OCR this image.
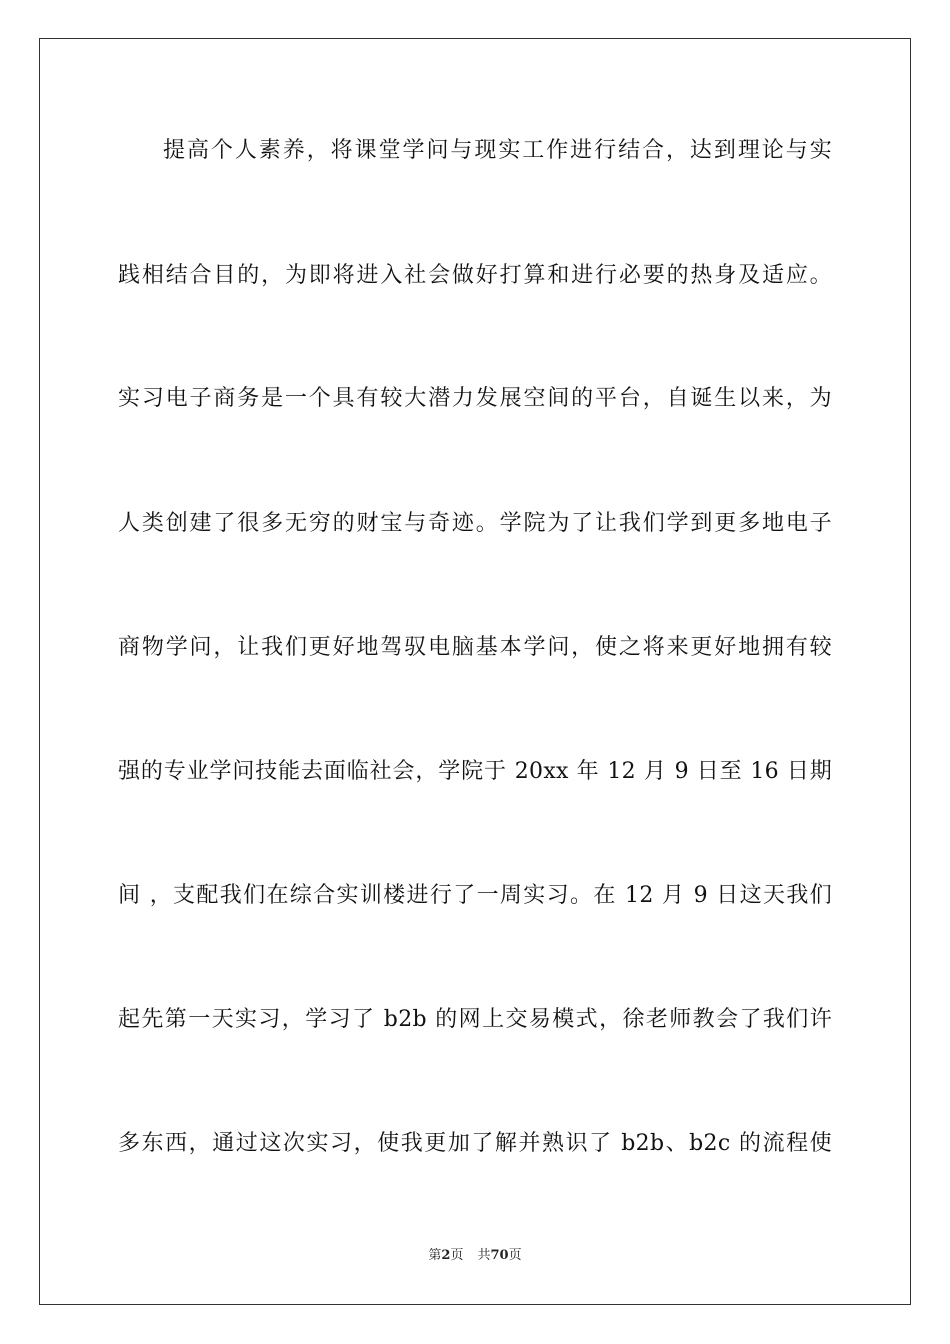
提高个人素养，将课堂学问与现实工作进行结合，达到理论与实
践相结合目的，为即将进入社会做好打算和进行必要的热身及适应。
实习电子商务是一个具有较大潜力发展空间的平台，自诞生以来，为
人类创建了很多无穷的财宝与奇迹。学院为了让我们学到更多地电子
商物学问，让我们更好地驾驭电脑基本学问，使之将来更好地拥有较
强的专业学问技能去面临社会，学院于 20xx 年 12 月 9 日至 16 日期
间 ，支配我们在综合实训楼进行了一周实习。在 12 月 9 日这天我们
起先第一天实习，学习了 b2b 的网上交易模式，徐老师教会了我们许
多东西，通过这次实习，使我更加了解并熟识了 b2b、b2c 的流程使
第2页 共70页
